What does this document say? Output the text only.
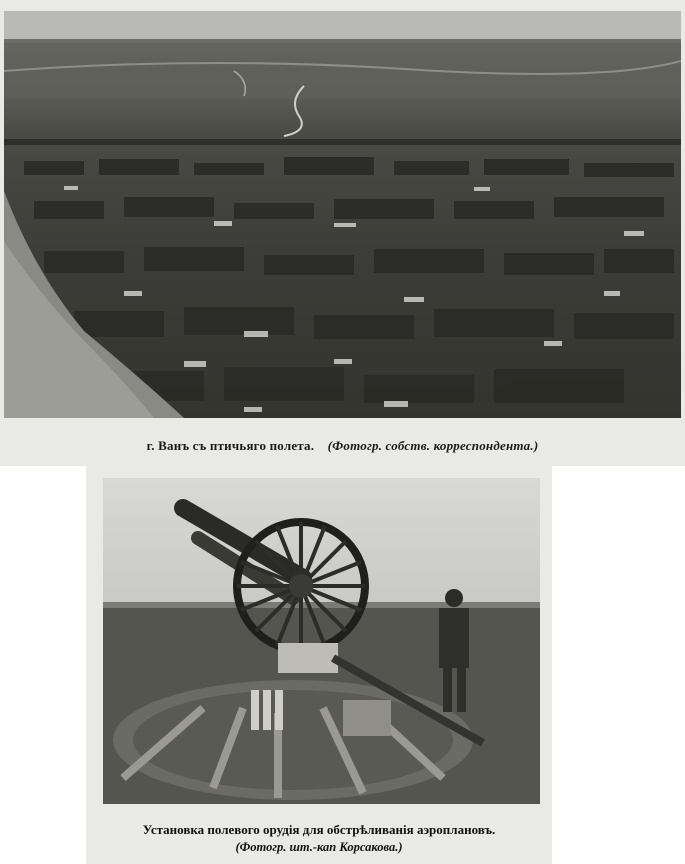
г. Ванъ съ птичьяго полета. (Фотогр. собств. корреспондента.)
Установка полевого орудія для обстрѣливанія аэроплановъ.
(Фотогр. шт.-кап Корсакова.)
